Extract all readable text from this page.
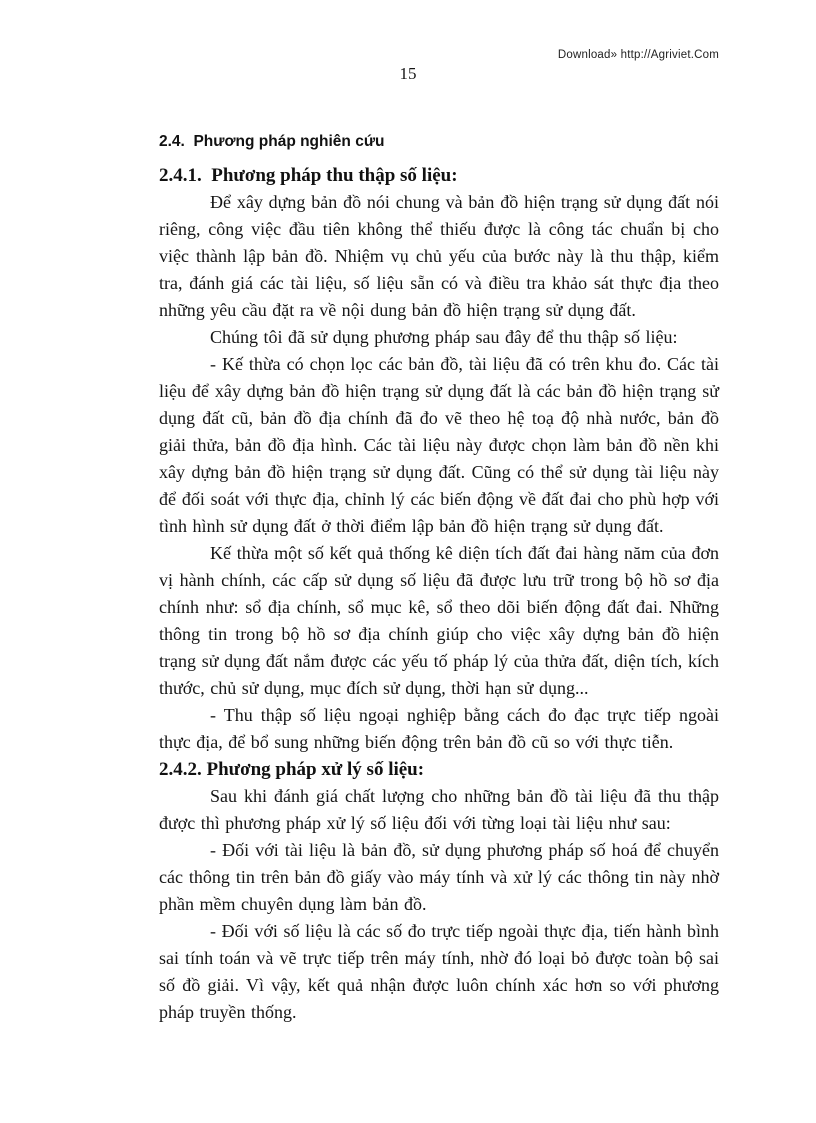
Download» http://Agriviet.Com
15
2.4.  Phương pháp nghiên cứu
2.4.1.  Phương pháp thu thập số liệu:

Để xây dựng bản đồ nói chung và bản đồ hiện trạng sử dụng đất nói riêng, công việc đầu tiên không thể thiếu được là công tác chuẩn bị cho việc thành lập bản đồ. Nhiệm vụ chủ yếu của bước này là thu thập, kiểm tra, đánh giá các tài liệu, số liệu sẵn có và điều tra khảo sát thực địa theo những yêu cầu đặt ra về nội dung bản đồ hiện trạng sử dụng đất.

Chúng tôi đã sử dụng phương pháp sau đây để thu thập số liệu:

- Kế thừa có chọn lọc các bản đồ, tài liệu đã có trên khu đo. Các tài liệu để xây dựng bản đồ hiện trạng sử dụng đất là các bản đồ hiện trạng sử dụng đất cũ, bản đồ địa chính đã đo vẽ theo hệ toạ độ nhà nước, bản đồ giải thửa, bản đồ địa hình. Các tài liệu này được chọn làm bản đồ nền khi xây dựng bản đồ hiện trạng sử dụng đất. Cũng có thể sử dụng tài liệu này để đối soát với thực địa, chỉnh lý các biến động về đất đai cho phù hợp với tình hình sử dụng đất ở thời điểm lập bản đồ hiện trạng sử dụng đất.

Kế thừa một số kết quả thống kê diện tích đất đai hàng năm của đơn vị hành chính, các cấp sử dụng số liệu đã được lưu trữ trong bộ hồ sơ địa chính như: sổ địa chính, sổ mục kê, sổ theo dõi biến động đất đai. Những thông tin trong bộ hồ sơ địa chính giúp cho việc xây dựng bản đồ hiện trạng sử dụng đất nắm được các yếu tố pháp lý của thửa đất, diện tích, kích thước, chủ sử dụng, mục đích sử dụng, thời hạn sử dụng...

- Thu thập số liệu ngoại nghiệp bằng cách đo đạc trực tiếp ngoài thực địa, để bổ sung những biến động trên bản đồ cũ so với thực tiễn.

2.4.2. Phương pháp xử lý số liệu:

Sau khi đánh giá chất lượng cho những bản đồ tài liệu đã thu thập được thì phương pháp xử lý số liệu đối với từng loại tài liệu như sau:

- Đối với tài liệu là bản đồ, sử dụng phương pháp số hoá để chuyển các thông tin trên bản đồ giấy vào máy tính và xử lý các thông tin này nhờ phần mềm chuyên dụng làm bản đồ.

- Đối với số liệu là các số đo trực tiếp ngoài thực địa, tiến hành bình sai tính toán và vẽ trực tiếp trên máy tính, nhờ đó loại bỏ được toàn bộ sai số đồ giải. Vì vậy, kết quả nhận được luôn chính xác hơn so với phương pháp truyền thống.
